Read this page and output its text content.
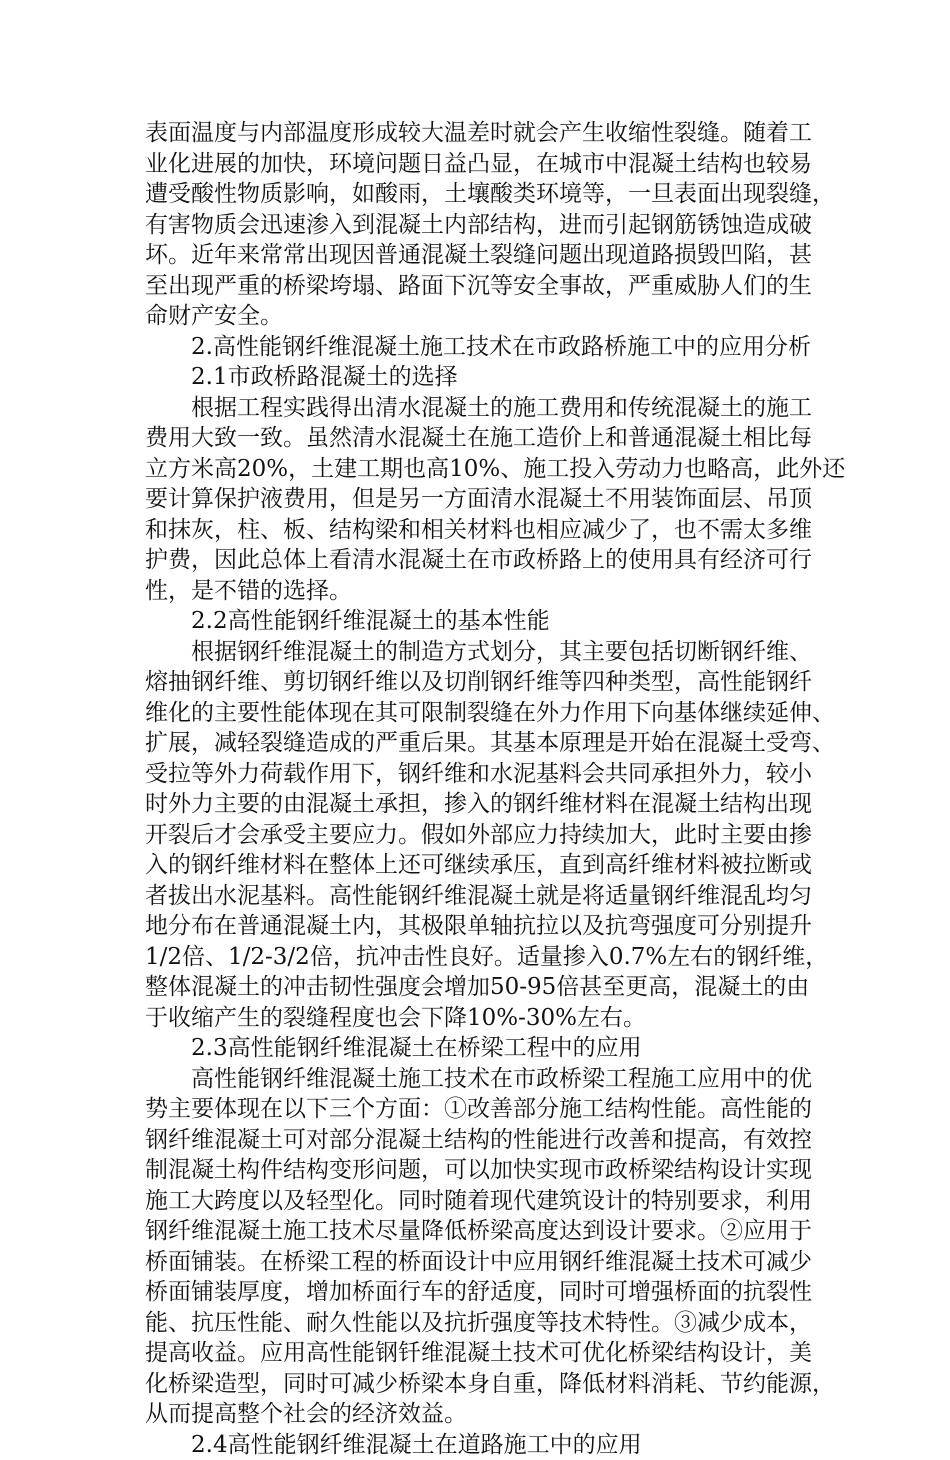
表面温度与内部温度形成较大温差时就会产生收缩性裂缝。随着工
业化进展的加快，环境问题日益凸显，在城市中混凝土结构也较易
遭受酸性物质影响，如酸雨，土壤酸类环境等，一旦表面出现裂缝，
有害物质会迅速渗入到混凝土内部结构，进而引起钢筋锈蚀造成破
坏。近年来常常出现因普通混凝土裂缝问题出现道路损毁凹陷，甚
至出现严重的桥梁垮塌、路面下沉等安全事故，严重威胁人们的生
命财产安全。
2.高性能钢纤维混凝土施工技术在市政路桥施工中的应用分析
2.1市政桥路混凝土的选择
根据工程实践得出清水混凝土的施工费用和传统混凝土的施工
费用大致一致。虽然清水混凝土在施工造价上和普通混凝土相比每
立方米高20%，土建工期也高10%、施工投入劳动力也略高，此外还
要计算保护液费用，但是另一方面清水混凝土不用装饰面层、吊顶
和抹灰，柱、板、结构梁和相关材料也相应减少了，也不需太多维
护费，因此总体上看清水混凝土在市政桥路上的使用具有经济可行
性，是不错的选择。
2.2高性能钢纤维混凝土的基本性能
根据钢纤维混凝土的制造方式划分，其主要包括切断钢纤维、
熔抽钢纤维、剪切钢纤维以及切削钢纤维等四种类型，高性能钢纤
维化的主要性能体现在其可限制裂缝在外力作用下向基体继续延伸、
扩展，减轻裂缝造成的严重后果。其基本原理是开始在混凝土受弯、
受拉等外力荷载作用下，钢纤维和水泥基料会共同承担外力，较小
时外力主要的由混凝土承担，掺入的钢纤维材料在混凝土结构出现
开裂后才会承受主要应力。假如外部应力持续加大，此时主要由掺
入的钢纤维材料在整体上还可继续承压，直到高纤维材料被拉断或
者拔出水泥基料。高性能钢纤维混凝土就是将适量钢纤维混乱均匀
地分布在普通混凝土内，其极限单轴抗拉以及抗弯强度可分别提升
1/2倍、1/2-3/2倍，抗冲击性良好。适量掺入0.7%左右的钢纤维，
整体混凝土的冲击韧性强度会增加50-95倍甚至更高，混凝土的由
于收缩产生的裂缝程度也会下降10%-30%左右。
2.3高性能钢纤维混凝土在桥梁工程中的应用
高性能钢纤维混凝土施工技术在市政桥梁工程施工应用中的优
势主要体现在以下三个方面：①改善部分施工结构性能。高性能的
钢纤维混凝土可对部分混凝土结构的性能进行改善和提高，有效控
制混凝土构件结构变形问题，可以加快实现市政桥梁结构设计实现
施工大跨度以及轻型化。同时随着现代建筑设计的特别要求，利用
钢纤维混凝土施工技术尽量降低桥梁高度达到设计要求。②应用于
桥面铺装。在桥梁工程的桥面设计中应用钢纤维混凝土技术可减少
桥面铺装厚度，增加桥面行车的舒适度，同时可增强桥面的抗裂性
能、抗压性能、耐久性能以及抗折强度等技术特性。③减少成本，
提高收益。应用高性能钢钎维混凝土技术可优化桥梁结构设计，美
化桥梁造型，同时可减少桥梁本身自重，降低材料消耗、节约能源，
从而提高整个社会的经济效益。
2.4高性能钢纤维混凝土在道路施工中的应用
